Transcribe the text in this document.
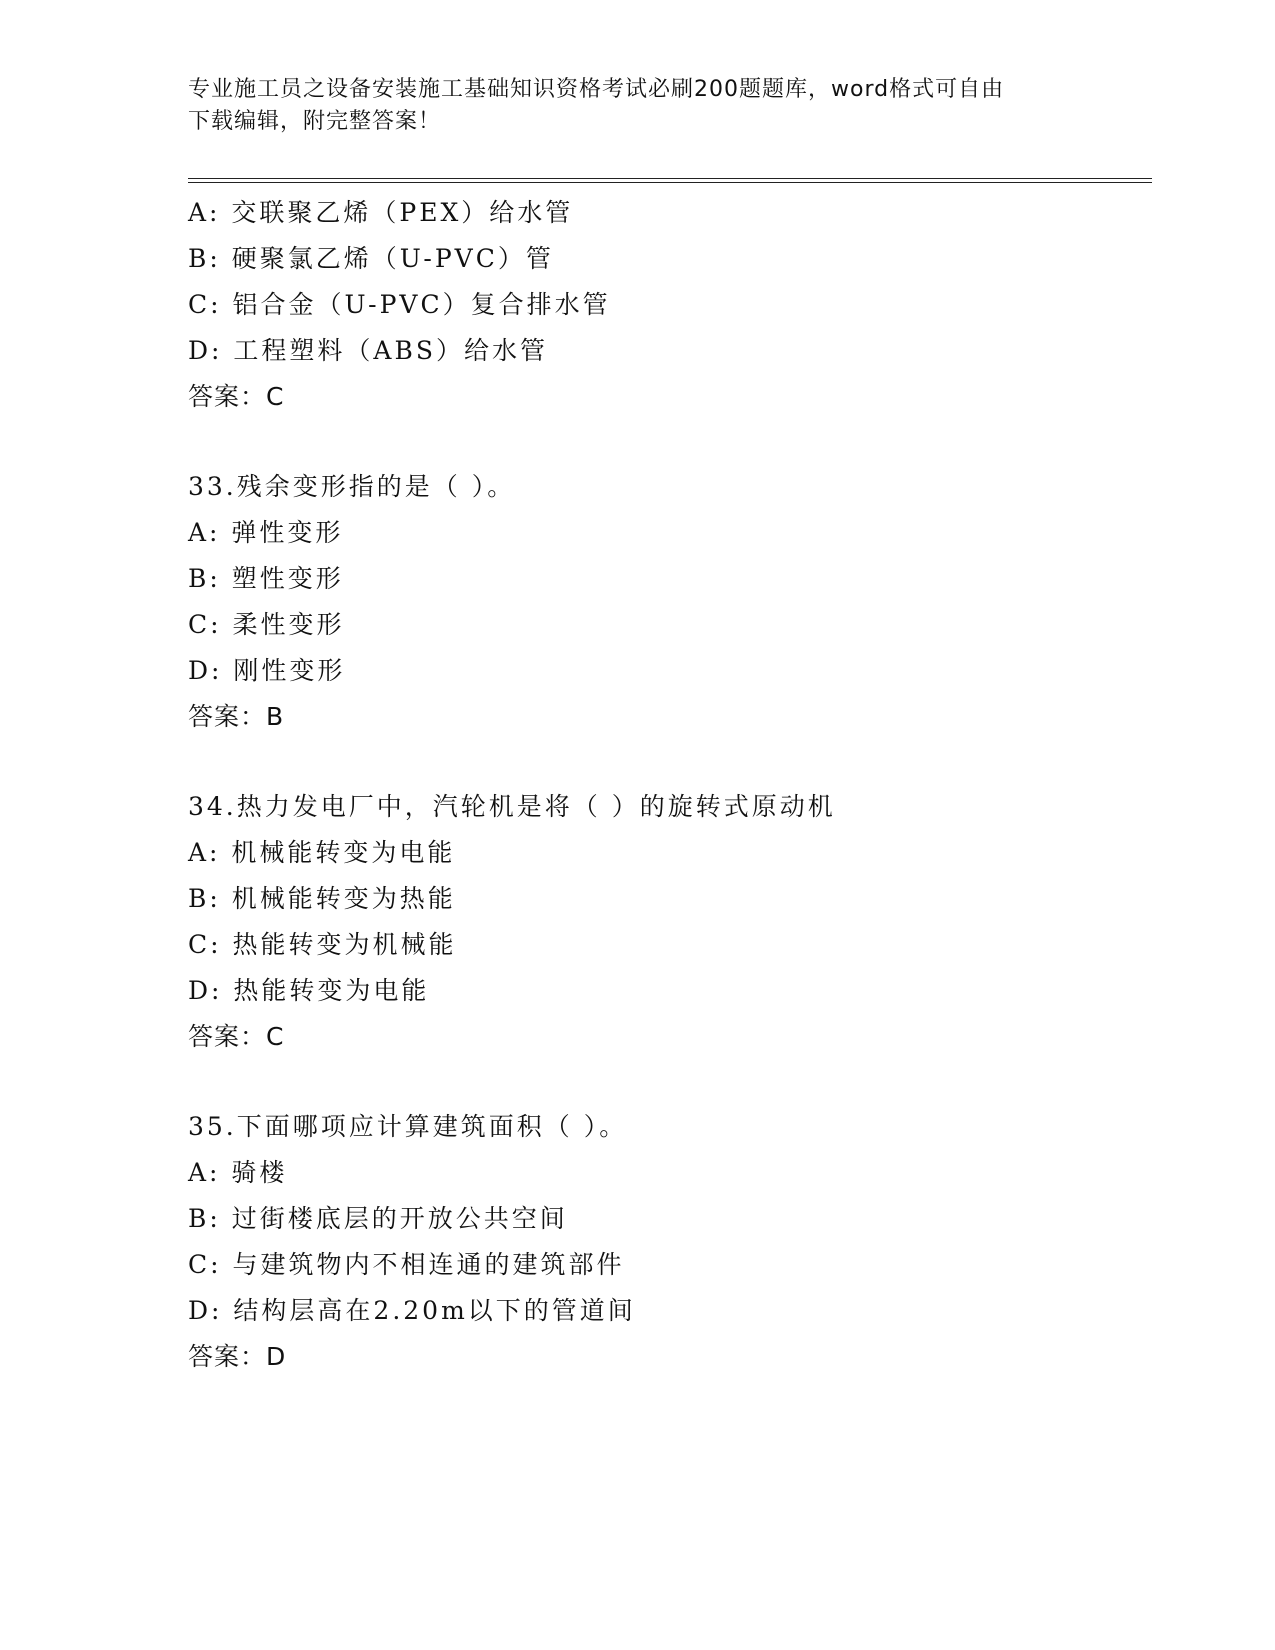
专业施工员之设备安装施工基础知识资格考试必刷200题题库，word格式可自由
下载编辑，附完整答案！
A: 交联聚乙烯（PEX）给水管
B: 硬聚氯乙烯（U-PVC）管
C: 铝合金（U-PVC）复合排水管
D: 工程塑料（ABS）给水管
答案：C
33.残余变形指的是（ ）。
A: 弹性变形
B: 塑性变形
C: 柔性变形
D: 刚性变形
答案：B
34.热力发电厂中，汽轮机是将（ ）的旋转式原动机
A: 机械能转变为电能
B: 机械能转变为热能
C: 热能转变为机械能
D: 热能转变为电能
答案：C
35.下面哪项应计算建筑面积（ ）。
A: 骑楼
B: 过街楼底层的开放公共空间
C: 与建筑物内不相连通的建筑部件
D: 结构层高在2.20m以下的管道间
答案：D
